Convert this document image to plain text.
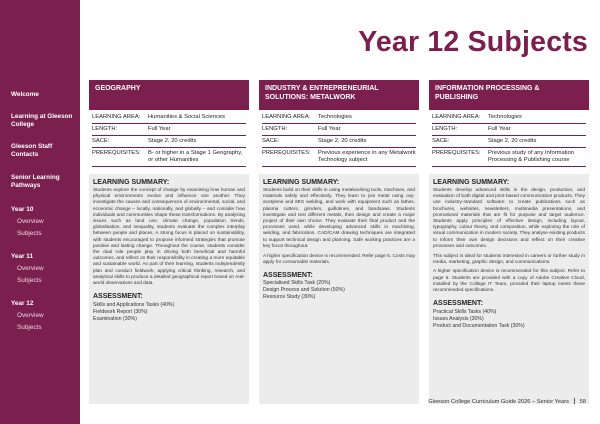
Welcome
Learning at Gleeson College
Gleeson Staff Contacts
Senior Learning Pathways
Year 10
Overview
Subjects
Year 11
Overview
Subjects
Year 12
Overview
Subjects
Year 12 Subjects
GEOGRAPHY
LEARNING AREA:	Humanities & Social Sciences
LENGTH:	Full Year
SACE:	Stage 2, 20 credits
PREREQUISITES:	B- or higher in a Stage 1 Geography, or other Humanities
LEARNING SUMMARY:

Students explore the concept of change by examining how human and physical environments evolve and influence one another. They investigate the causes and consequences of environmental, social, and economic change – locally, nationally, and globally – and consider how individuals and communities shape these transformations. By analysing issues such as land use, climate change, population trends, globalisation, and inequality, students evaluate the complex interplay between people and places. A strong focus is placed on sustainability, with students encouraged to propose informed strategies that promote positive and lasting change. Throughout the course, students consider the dual role people play in driving both beneficial and harmful outcomes, and reflect on their responsibility in creating a more equitable and sustainable world. As part of their learning, students independently plan and conduct fieldwork, applying critical thinking, research, and analytical skills to produce a detailed geographical report based on real-world observations and data.

ASSESSMENT:
Skills and Applications Tasks (40%)
Fieldwork Report (30%)
Examination (30%)
INDUSTRY & ENTREPRENEURIAL SOLUTIONS: METALWORK
LEARNING AREA:	Technologies
LENGTH:	Full Year
SACE:	Stage 2, 20 credits
PREREQUISITES:	Previous experience in any Metalwork Technology subject
LEARNING SUMMARY:

Students build on their skills in using metalworking tools, machines, and materials safely and effectively. They learn to join metal using oxy-acetylene and MIG welding, and work with equipment such as lathes, plasma cutters, grinders, guillotines, and bandsaws. Students investigate and test different metals, then design and create a major project of their own choice. They evaluate their final product and the processes used, while developing advanced skills in machining, welding, and fabrication. CAD/CAM drawing techniques are integrated to support technical design and planning. Safe working practices are a key focus throughout.

A higher specification device is recommended. Refer page 5. Costs may apply for consumable materials.

ASSESSMENT:
Specialised Skills Task (20%)
Design Process and Solution (50%)
Resource Study (30%)
INFORMATION PROCESSING & PUBLISHING
LEARNING AREA:	Technologies
LENGTH:	Full Year
SACE:	Stage 2, 20 credits
PREREQUISITES:	Previous study of any Information Processing & Publishing course
LEARNING SUMMARY:

Students develop advanced skills in the design, production, and evaluation of both digital and print-based communication products. They use industry-standard software to create publications such as brochures, websites, newsletters, multimedia presentations, and promotional materials that are fit for purpose and target audience. Students apply principles of effective design, including layout, typography, colour theory, and composition, while exploring the role of visual communication in modern society. They analyse existing products to inform their own design decisions and reflect on their creative processes and outcomes.

This subject is ideal for students interested in careers or further study in media, marketing, graphic design, and communications.

A higher specification device is recommended for this subject. Refer to page 5. Students are provided with a copy of Adobe Creative Cloud, installed by the College IT Team, provided their laptop meets these recommended specifications.

ASSESSMENT:
Practical Skills Tasks (40%)
Issues Analysis (30%)
Product and Documentation Task (30%)
Gleeson College Curriculum Guide 2026 – Senior Years 58
